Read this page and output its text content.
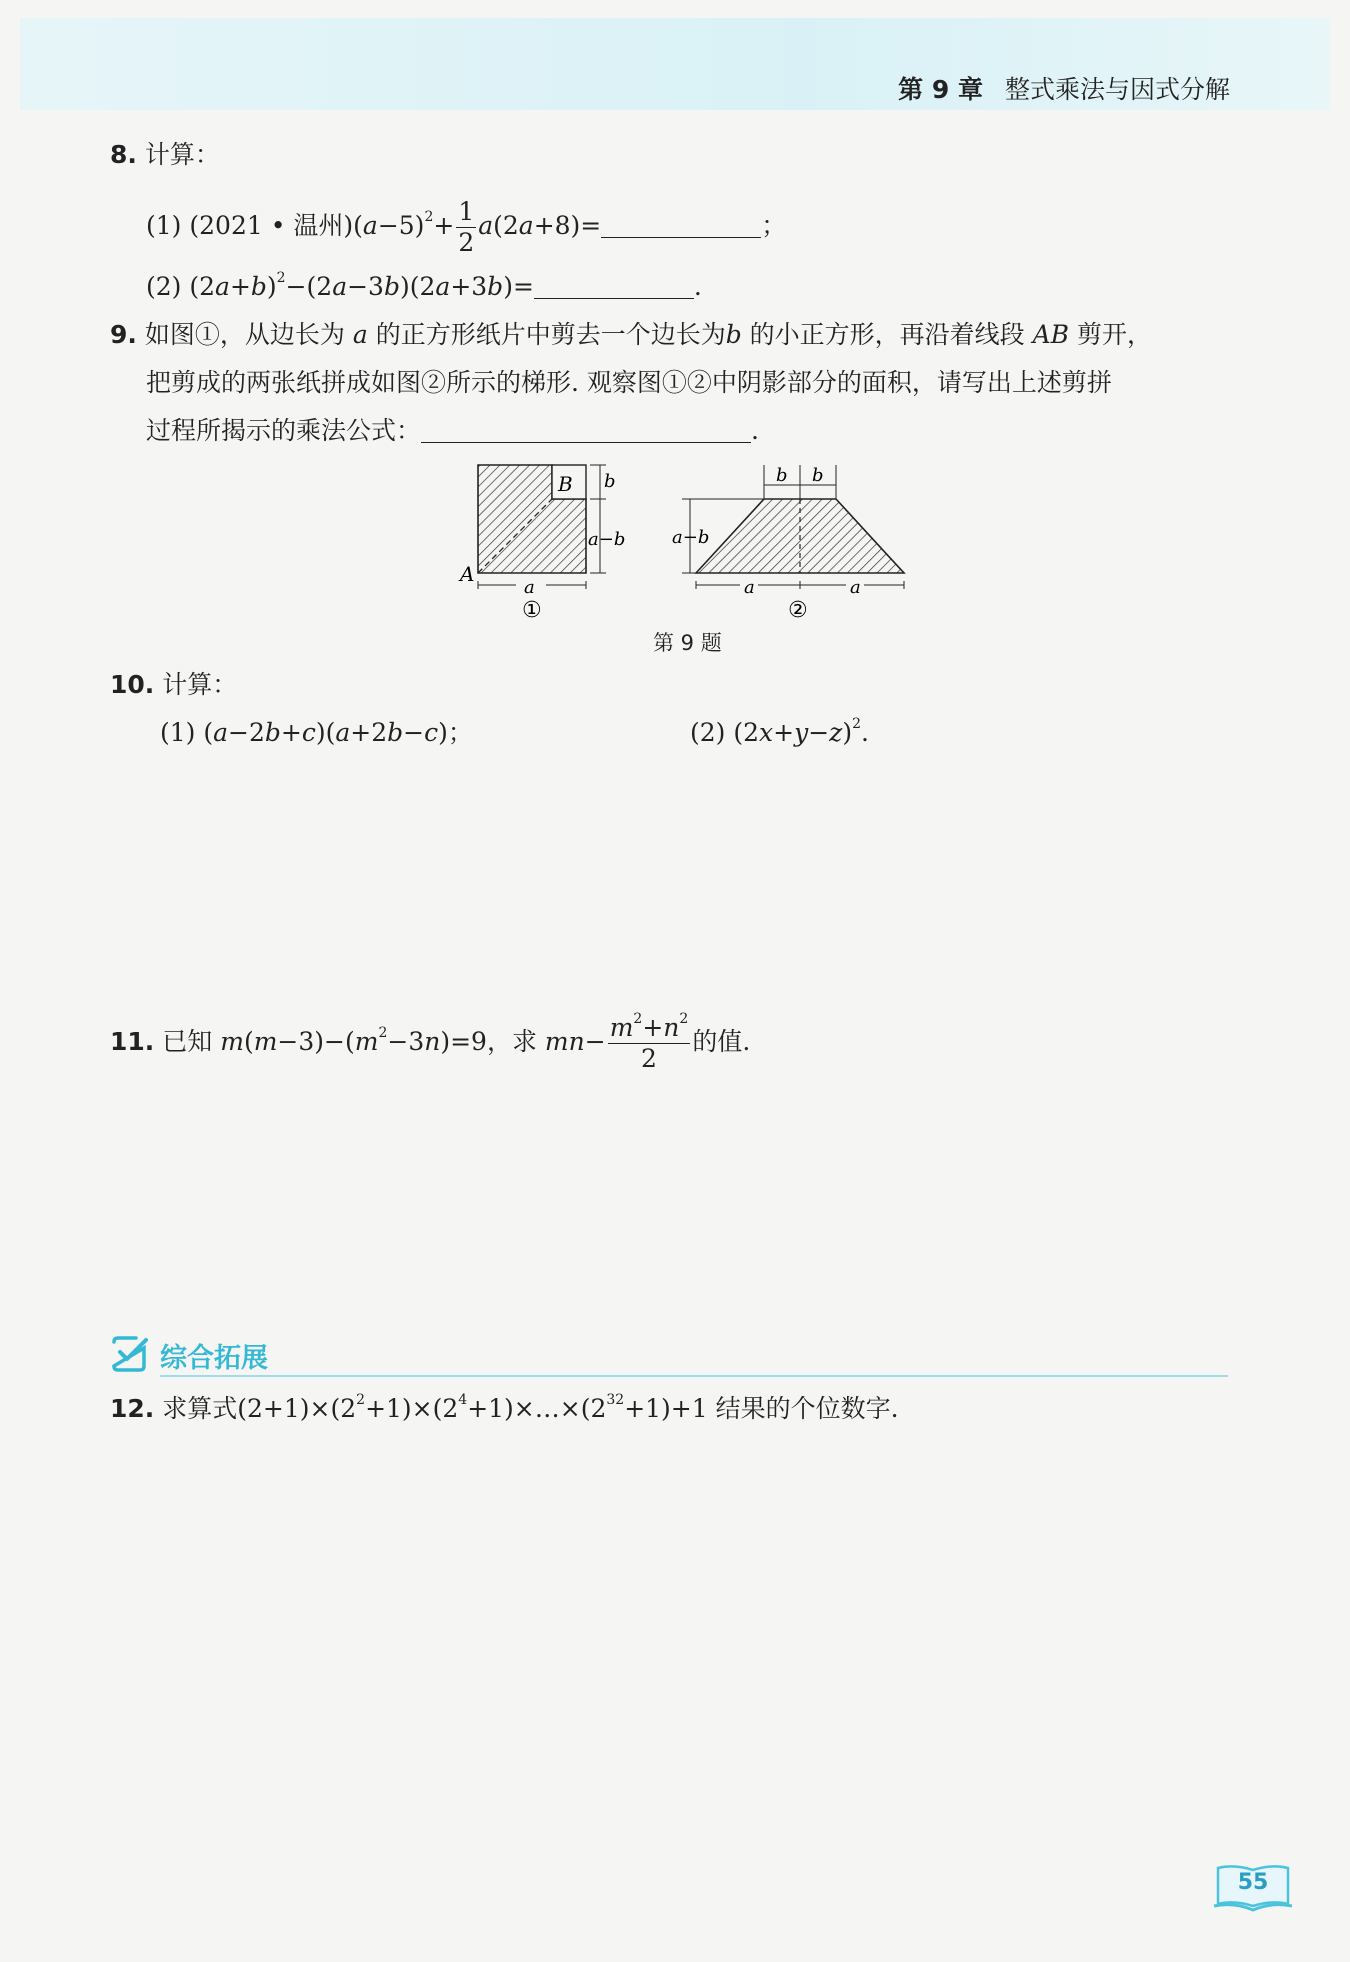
第 9 章 整式乘法与因式分解
8. 计算：
(1) (2021 • 温州)$(a-5)^2+ \frac{1}{2} a(2a+8)=$	；
(2) $(2a+b)^2-(2a-3b)(2a+3b)=$	.
9. 如图①，从边长为 a 的正方形纸片中剪去一个边长为b 的小正方形，再沿着线段 AB 剪开，
把剪成的两张纸拼成如图②所示的梯形. 观察图①②中阴影部分的面积，请写出上述剪拼
过程所揭示的乘法公式：	.
B b
a−b
A
a
①
b b
a−b
a	a
②
第 9 题
10. 计算：
(1) (a−2b+c)(a+2b−c)；	(2) $(2x+y-z)^2$.
11. 已知 $m(m-3)-(m^2-3n)=9$，求 $mn- \frac{m^2+n^2}{2}$ 的值.
综合拓展
12. 求算式$(2+1)\times(2^2+1)\times(2^4+1)\times\dots\times(2^{32}+1)+1$ 结果的个位数字.
55
